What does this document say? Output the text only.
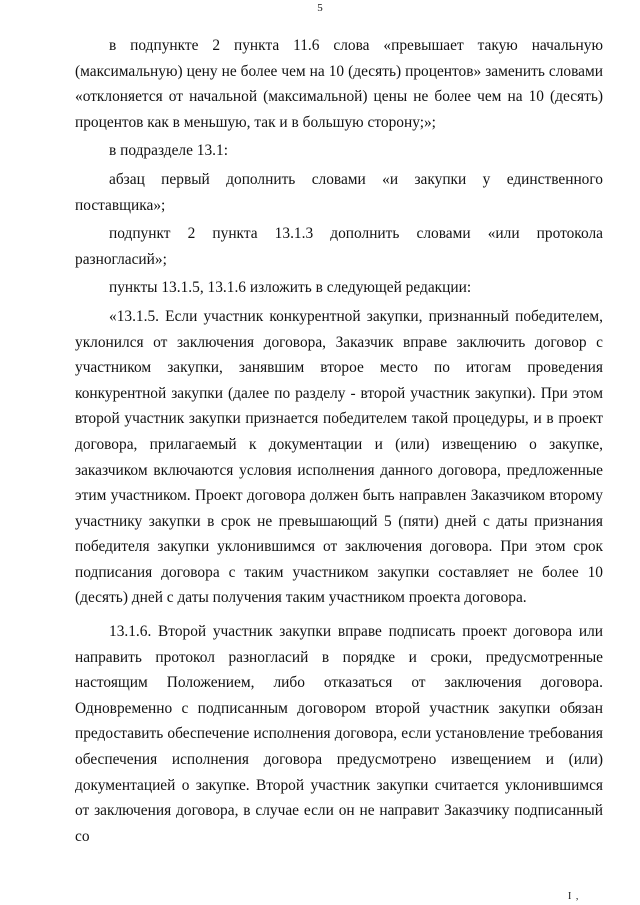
5

в подпункте 2 пункта 11.6 слова «превышает такую начальную (максимальную) цену не более чем на 10 (десять) процентов» заменить словами «отклоняется от начальной (максимальной) цены не более чем на 10 (десять) процентов как в меньшую, так и в большую сторону;»;

в подразделе 13.1:

абзац первый дополнить словами «и закупки у единственного поставщика»;

подпункт 2 пункта 13.1.3 дополнить словами «или протокола разногласий»;

пункты 13.1.5, 13.1.6 изложить в следующей редакции:

«13.1.5. Если участник конкурентной закупки, признанный победителем, уклонился от заключения договора, Заказчик вправе заключить договор с участником закупки, занявшим второе место по итогам проведения конкурентной закупки (далее по разделу - второй участник закупки). При этом второй участник закупки признается победителем такой процедуры, и в проект договора, прилагаемый к документации и (или) извещению о закупке, заказчиком включаются условия исполнения данного договора, предложенные этим участником. Проект договора должен быть направлен Заказчиком второму участнику закупки в срок не превышающий 5 (пяти) дней с даты признания победителя закупки уклонившимся от заключения договора. При этом срок подписания договора с таким участником закупки составляет не более 10 (десять) дней с даты получения таким участником проекта договора.

13.1.6. Второй участник закупки вправе подписать проект договора или направить протокол разногласий в порядке и сроки, предусмотренные настоящим Положением, либо отказаться от заключения договора. Одновременно с подписанным договором второй участник закупки обязан предоставить обеспечение исполнения договора, если установление требования обеспечения исполнения договора предусмотрено извещением и (или) документацией о закупке. Второй участник закупки считается уклонившимся от заключения договора, в случае если он не направит Заказчику подписанный со

I ,
